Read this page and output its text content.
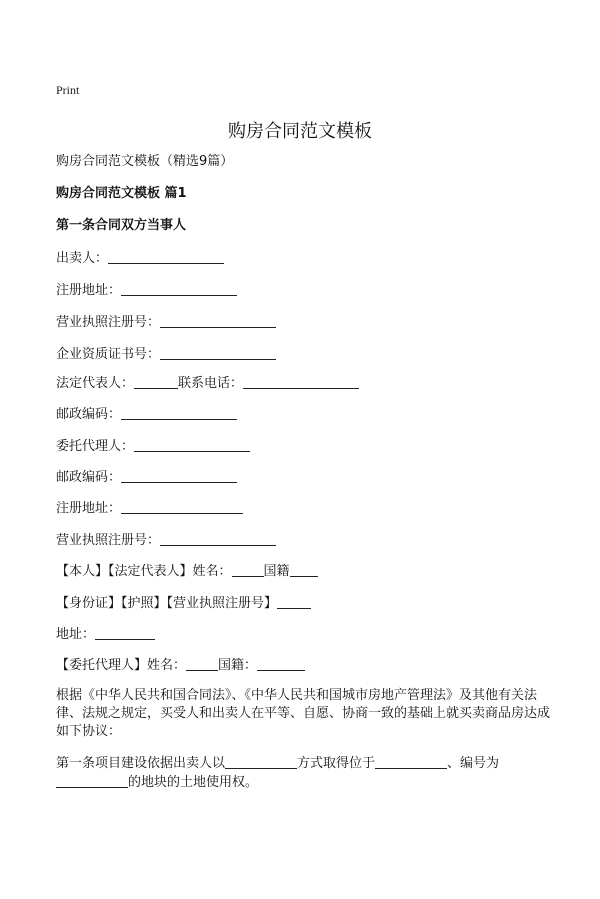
Print
购房合同范文模板
购房合同范文模板（精选9篇）
购房合同范文模板 篇1
第一条合同双方当事人
出卖人：
注册地址：
营业执照注册号：
企业资质证书号：
法定代表人：	联系电话：
邮政编码：
委托代理人：
邮政编码：
注册地址：
营业执照注册号：
【本人】【法定代表人】姓名： 国籍
【身份证】【护照】【营业执照注册号】
地址：
【委托代理人】姓名： 国籍：
根据《中华人民共和国合同法》、《中华人民共和国城市房地产管理法》及其他有关法律、法规之规定，买受人和出卖人在平等、自愿、协商一致的基础上就买卖商品房达成如下协议：
第一条项目建设依据出卖人以	方式取得位于	、编号为
的地块的土地使用权。
